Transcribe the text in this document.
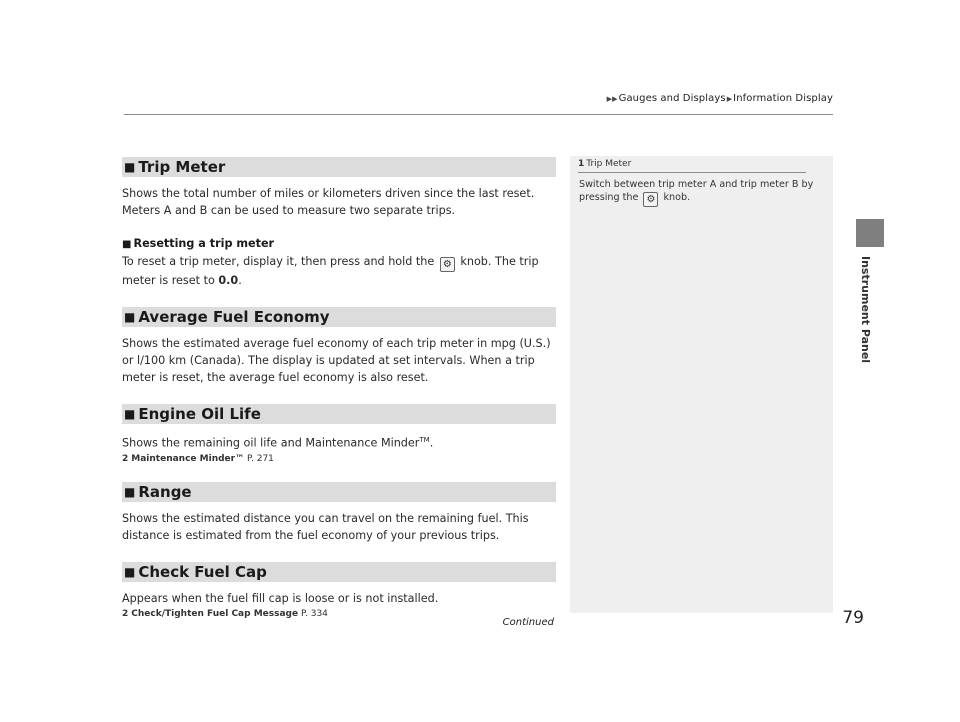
▶▶Gauges and Displays▶Information Display
Instrument Panel
■ Trip Meter

Shows the total number of miles or kilometers driven since the last reset. Meters A and B can be used to measure two separate trips.

■ Resetting a trip meter

To reset a trip meter, display it, then press and hold the ⚙ knob. The trip meter is reset to 0.0.

■ Average Fuel Economy

Shows the estimated average fuel economy of each trip meter in mpg (U.S.) or l/100 km (Canada). The display is updated at set intervals. When a trip meter is reset, the average fuel economy is also reset.

■ Engine Oil Life

Shows the remaining oil life and Maintenance Minder™.

2 Maintenance Minder™ P. 271

■ Range

Shows the estimated distance you can travel on the remaining fuel. This distance is estimated from the fuel economy of your previous trips.

■ Check Fuel Cap

Appears when the fuel fill cap is loose or is not installed.

2 Check/Tighten Fuel Cap Message P. 334

1 Trip Meter
Switch between trip meter A and trip meter B by pressing the ⚙ knob.
Continued	79
